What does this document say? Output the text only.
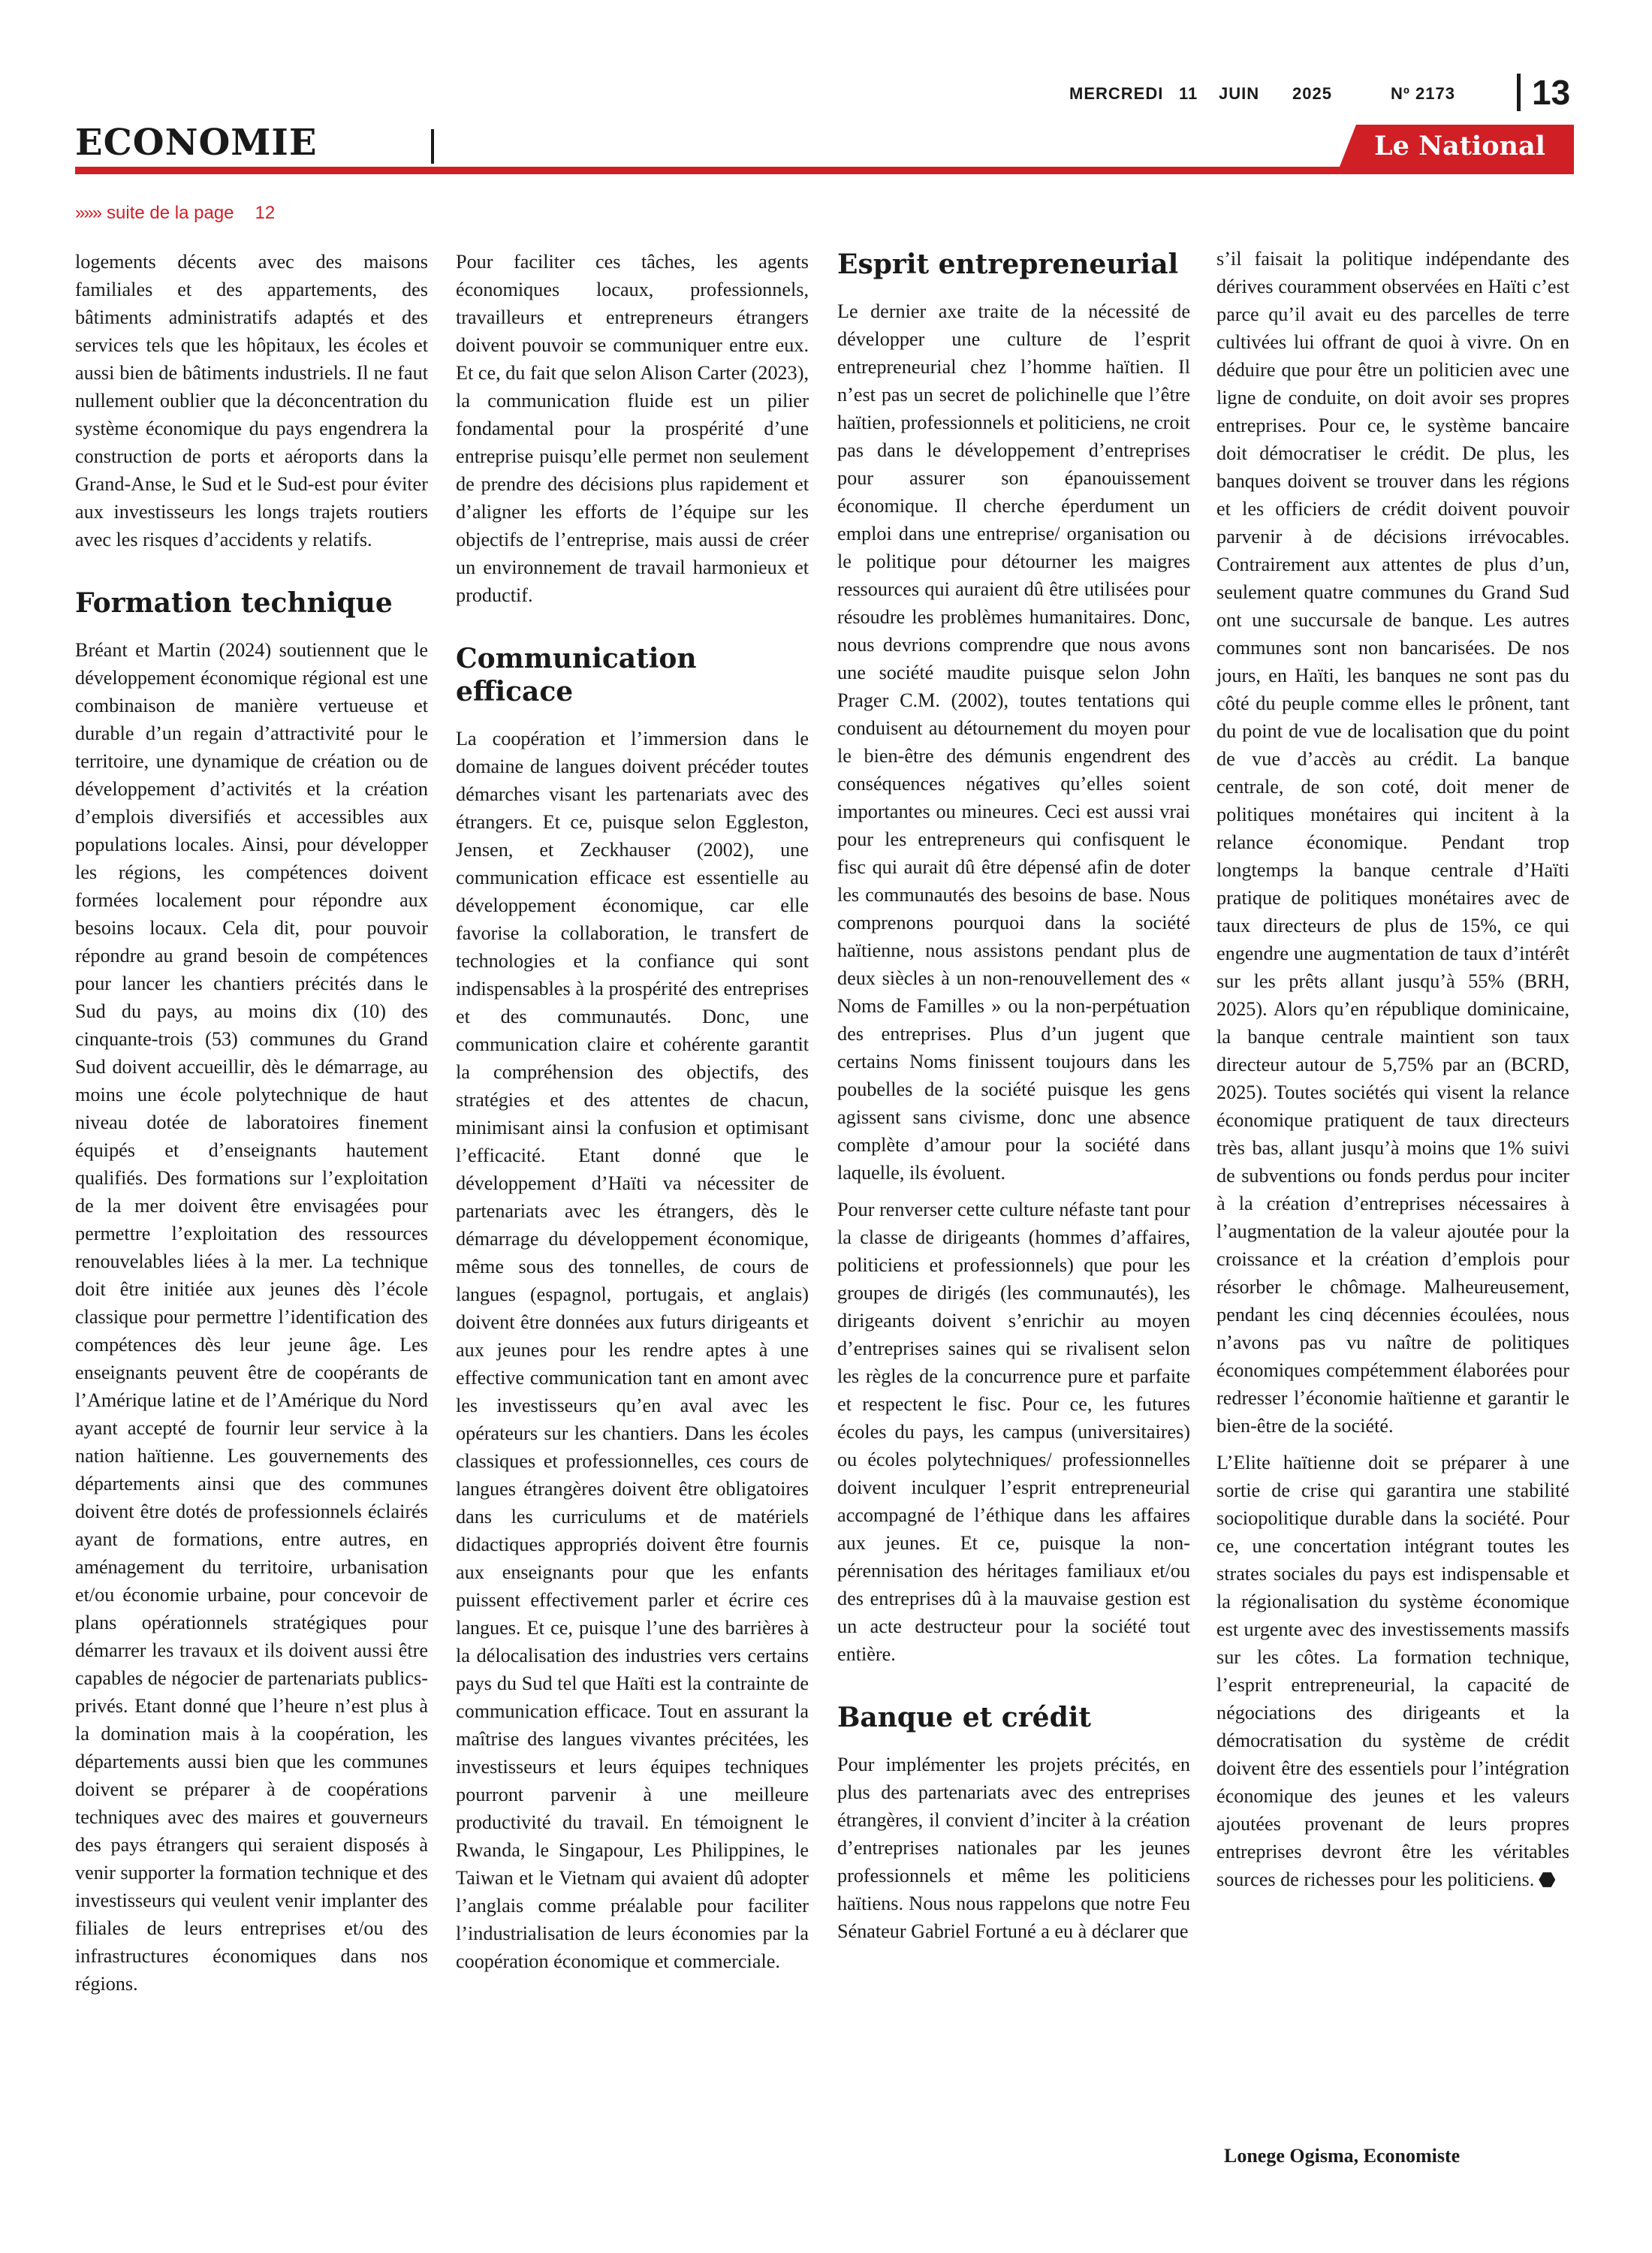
MERCREDI 11 JUIN 2025	Nº 2173 13
ECONOMIE	Le National
»»» suite de la page 12

logements décents avec des maisons familiales et des appartements, des bâtiments administratifs adaptés et des services tels que les hôpitaux, les écoles et aussi bien de bâtiments industriels. Il ne faut nullement oublier que la déconcentration du système économique du pays engendrera la construction de ports et aéroports dans la Grand-Anse, le Sud et le Sud-est pour éviter aux investisseurs les longs trajets routiers avec les risques d’accidents y relatifs.

Formation technique

Bréant et Martin (2024) soutiennent que le développement économique régional est une combinaison de manière vertueuse et durable d’un regain d’attractivité pour le territoire, une dynamique de création ou de développement d’activités et la création d’emplois diversifiés et accessibles aux populations locales. Ainsi, pour développer les régions, les compétences doivent formées localement pour répondre aux besoins locaux. Cela dit, pour pouvoir répondre au grand besoin de compétences pour lancer les chantiers précités dans le Sud du pays, au moins dix (10) des cinquante-trois (53) communes du Grand Sud doivent accueillir, dès le démarrage, au moins une école polytechnique de haut niveau dotée de laboratoires finement équipés et d’enseignants hautement qualifiés. Des formations sur l’exploitation de la mer doivent être envisagées pour permettre l’exploitation des ressources renouvelables liées à la mer. La technique doit être initiée aux jeunes dès l’école classique pour permettre l’identification des compétences dès leur jeune âge. Les enseignants peuvent être de coopérants de l’Amérique latine et de l’Amérique du Nord ayant accepté de fournir leur service à la nation haïtienne. Les gouvernements des départements ainsi que des communes doivent être dotés de professionnels éclairés ayant de formations, entre autres, en aménagement du territoire, urbanisation et/ou économie urbaine, pour concevoir de plans opérationnels stratégiques pour démarrer les travaux et ils doivent aussi être capables de négocier de partenariats publics-privés. Etant donné que l’heure n’est plus à la domination mais à la coopération, les départements aussi bien que les communes doivent se préparer à de coopérations techniques avec des maires et gouverneurs des pays étrangers qui seraient disposés à venir supporter la formation technique et des investisseurs qui veulent venir implanter des filiales de leurs entreprises et/ou des infrastructures économiques dans nos régions.

Pour faciliter ces tâches, les agents économiques locaux, professionnels, travailleurs et entrepreneurs étrangers doivent pouvoir se communiquer entre eux. Et ce, du fait que selon Alison Carter (2023), la communication fluide est un pilier fondamental pour la prospérité d’une entreprise puisqu’elle permet non seulement de prendre des décisions plus rapidement et d’aligner les efforts de l’équipe sur les objectifs de l’entreprise, mais aussi de créer un environnement de travail harmonieux et productif.

Communication efficace

La coopération et l’immersion dans le domaine de langues doivent précéder toutes démarches visant les partenariats avec des étrangers. Et ce, puisque selon Eggleston, Jensen, et Zeckhauser (2002), une communication efficace est essentielle au développement économique, car elle favorise la collaboration, le transfert de technologies et la confiance qui sont indispensables à la prospérité des entreprises et des communautés. Donc, une communication claire et cohérente garantit la compréhension des objectifs, des stratégies et des attentes de chacun, minimisant ainsi la confusion et optimisant l’efficacité. Etant donné que le développement d’Haïti va nécessiter de partenariats avec les étrangers, dès le démarrage du développement économique, même sous des tonnelles, de cours de langues (espagnol, portugais, et anglais) doivent être données aux futurs dirigeants et aux jeunes pour les rendre aptes à une effective communication tant en amont avec les investisseurs qu’en aval avec les opérateurs sur les chantiers. Dans les écoles classiques et professionnelles, ces cours de langues étrangères doivent être obligatoires dans les curriculums et de matériels didactiques appropriés doivent être fournis aux enseignants pour que les enfants puissent effectivement parler et écrire ces langues. Et ce, puisque l’une des barrières à la délocalisation des industries vers certains pays du Sud tel que Haïti est la contrainte de communication efficace. Tout en assurant la maîtrise des langues vivantes précitées, les investisseurs et leurs équipes techniques pourront parvenir à une meilleure productivité du travail. En témoignent le Rwanda, le Singapour, Les Philippines, le Taiwan et le Vietnam qui avaient dû adopter l’anglais comme préalable pour faciliter l’industrialisation de leurs économies par la coopération économique et commerciale.

Esprit entrepreneurial

Le dernier axe traite de la nécessité de développer une culture de l’esprit entrepreneurial chez l’homme haïtien. Il n’est pas un secret de polichinelle que l’être haïtien, professionnels et politiciens, ne croit pas dans le développement d’entreprises pour assurer son épanouissement économique. Il cherche éperdument un emploi dans une entreprise/ organisation ou le politique pour détourner les maigres ressources qui auraient dû être utilisées pour résoudre les problèmes humanitaires. Donc, nous devrions comprendre que nous avons une société maudite puisque selon John Prager C.M. (2002), toutes tentations qui conduisent au détournement du moyen pour le bien-être des démunis engendrent des conséquences négatives qu’elles soient importantes ou mineures. Ceci est aussi vrai pour les entrepreneurs qui confisquent le fisc qui aurait dû être dépensé afin de doter les communautés des besoins de base. Nous comprenons pourquoi dans la société haïtienne, nous assistons pendant plus de deux siècles à un non-renouvellement des « Noms de Familles » ou la non-perpétuation des entreprises. Plus d’un jugent que certains Noms finissent toujours dans les poubelles de la société puisque les gens agissent sans civisme, donc une absence complète d’amour pour la société dans laquelle, ils évoluent.

Pour renverser cette culture néfaste tant pour la classe de dirigeants (hommes d’affaires, politiciens et professionnels) que pour les groupes de dirigés (les communautés), les dirigeants doivent s’enrichir au moyen d’entreprises saines qui se rivalisent selon les règles de la concurrence pure et parfaite et respectent le fisc. Pour ce, les futures écoles du pays, les campus (universitaires) ou écoles polytechniques/ professionnelles doivent inculquer l’esprit entrepreneurial accompagné de l’éthique dans les affaires aux jeunes. Et ce, puisque la non-pérennisation des héritages familiaux et/ou des entreprises dû à la mauvaise gestion est un acte destructeur pour la société tout entière.

Banque et crédit

Pour implémenter les projets précités, en plus des partenariats avec des entreprises étrangères, il convient d’inciter à la création d’entreprises nationales par les jeunes professionnels et même les politiciens haïtiens. Nous nous rappelons que notre Feu Sénateur Gabriel Fortuné a eu à déclarer que

s’il faisait la politique indépendante des dérives couramment observées en Haïti c’est parce qu’il avait eu des parcelles de terre cultivées lui offrant de quoi à vivre. On en déduire que pour être un politicien avec une ligne de conduite, on doit avoir ses propres entreprises. Pour ce, le système bancaire doit démocratiser le crédit. De plus, les banques doivent se trouver dans les régions et les officiers de crédit doivent pouvoir parvenir à de décisions irrévocables. Contrairement aux attentes de plus d’un, seulement quatre communes du Grand Sud ont une succursale de banque. Les autres communes sont non bancarisées. De nos jours, en Haïti, les banques ne sont pas du côté du peuple comme elles le prônent, tant du point de vue de localisation que du point de vue d’accès au crédit. La banque centrale, de son coté, doit mener de politiques monétaires qui incitent à la relance économique. Pendant trop longtemps la banque centrale d’Haïti pratique de politiques monétaires avec de taux directeurs de plus de 15%, ce qui engendre une augmentation de taux d’intérêt sur les prêts allant jusqu’à 55% (BRH, 2025). Alors qu’en république dominicaine, la banque centrale maintient son taux directeur autour de 5,75% par an (BCRD, 2025). Toutes sociétés qui visent la relance économique pratiquent de taux directeurs très bas, allant jusqu’à moins que 1% suivi de subventions ou fonds perdus pour inciter à la création d’entreprises nécessaires à l’augmentation de la valeur ajoutée pour la croissance et la création d’emplois pour résorber le chômage. Malheureusement, pendant les cinq décennies écoulées, nous n’avons pas vu naître de politiques économiques compétemment élaborées pour redresser l’économie haïtienne et garantir le bien-être de la société.

L’Elite haïtienne doit se préparer à une sortie de crise qui garantira une stabilité sociopolitique durable dans la société. Pour ce, une concertation intégrant toutes les strates sociales du pays est indispensable et la régionalisation du système économique est urgente avec des investissements massifs sur les côtes. La formation technique, l’esprit entrepreneurial, la capacité de négociations des dirigeants et la démocratisation du système de crédit doivent être des essentiels pour l’intégration économique des jeunes et les valeurs ajoutées provenant de leurs propres entreprises devront être les véritables sources de richesses pour les politiciens.

Lonege Ogisma, Economiste
